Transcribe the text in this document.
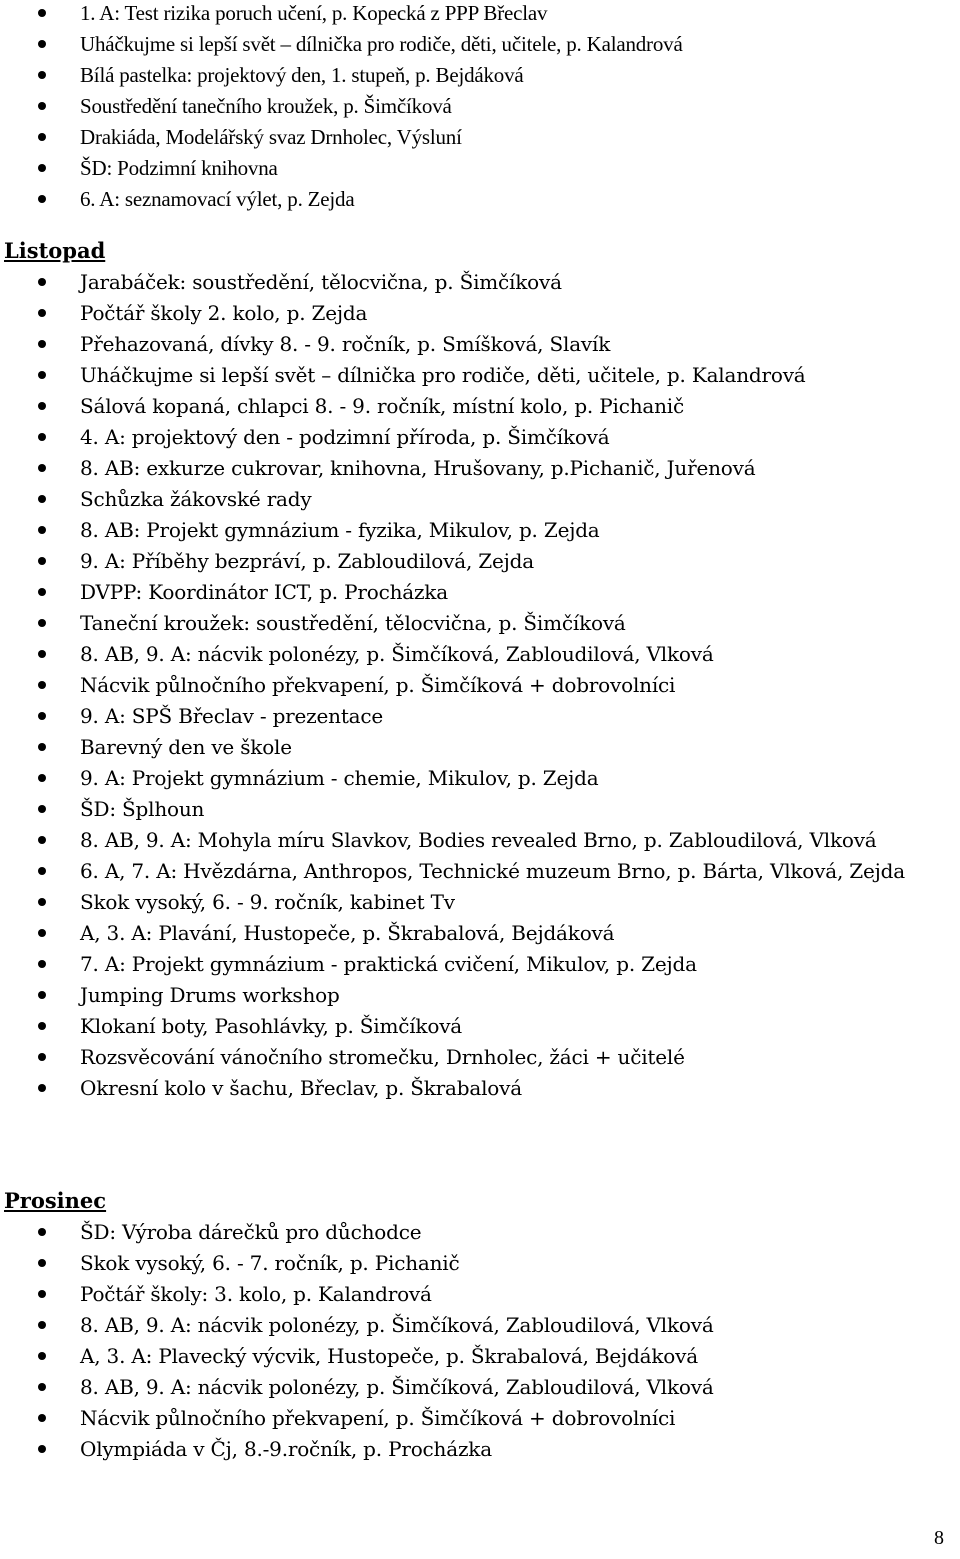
1. A: Test rizika poruch učení, p. Kopecká z PPP Břeclav
Uháčkujme si lepší svět – dílnička pro rodiče, děti, učitele, p. Kalandrová
Bílá pastelka: projektový den, 1. stupeň, p. Bejdáková
Soustředění tanečního kroužek, p. Šimčíková
Drakiáda, Modelářský svaz Drnholec, Výsluní
ŠD: Podzimní knihovna
6. A: seznamovací výlet, p. Zejda
Listopad
Jarabáček: soustředění, tělocvična, p. Šimčíková
Počtář školy 2. kolo, p. Zejda
Přehazovaná, dívky 8. - 9. ročník, p. Smíšková, Slavík
Uháčkujme si lepší svět – dílnička pro rodiče, děti, učitele, p. Kalandrová
Sálová kopaná, chlapci 8. - 9. ročník, místní kolo, p. Pichanič
4. A: projektový den - podzimní příroda, p. Šimčíková
8. AB: exkurze cukrovar, knihovna, Hrušovany, p.Pichanič, Juřenová
Schůzka žákovské rady
8. AB: Projekt gymnázium - fyzika, Mikulov, p. Zejda
9. A: Příběhy bezpráví, p. Zabloudilová, Zejda
DVPP: Koordinátor ICT, p. Procházka
Taneční kroužek: soustředění, tělocvična, p. Šimčíková
8. AB, 9. A: nácvik polonézy, p. Šimčíková, Zabloudilová, Vlková
Nácvik půlnočního překvapení, p. Šimčíková + dobrovolníci
9. A: SPŠ Břeclav - prezentace
Barevný den ve škole
9. A: Projekt gymnázium - chemie, Mikulov, p. Zejda
ŠD: Šplhoun
8. AB, 9. A: Mohyla míru Slavkov, Bodies revealed Brno, p. Zabloudilová, Vlková
6. A, 7. A: Hvězdárna, Anthropos, Technické muzeum Brno, p. Bárta, Vlková, Zejda
Skok vysoký, 6. - 9. ročník, kabinet Tv
A, 3. A: Plavání, Hustopeče, p. Škrabalová, Bejdáková
7. A: Projekt gymnázium - praktická cvičení, Mikulov, p. Zejda
Jumping Drums workshop
Klokaní boty, Pasohlávky, p. Šimčíková
Rozsvěcování vánočního stromečku, Drnholec, žáci + učitelé
Okresní kolo v šachu, Břeclav, p. Škrabalová
Prosinec
ŠD: Výroba dárečků pro důchodce
Skok vysoký, 6. - 7. ročník, p. Pichanič
Počtář školy: 3. kolo, p. Kalandrová
8. AB, 9. A: nácvik polonézy, p. Šimčíková, Zabloudilová, Vlková
A, 3. A: Plavecký výcvik, Hustopeče, p. Škrabalová, Bejdáková
8. AB, 9. A: nácvik polonézy, p. Šimčíková, Zabloudilová, Vlková
Nácvik půlnočního překvapení, p. Šimčíková + dobrovolníci
Olympiáda v Čj, 8.-9.ročník, p. Procházka
8
